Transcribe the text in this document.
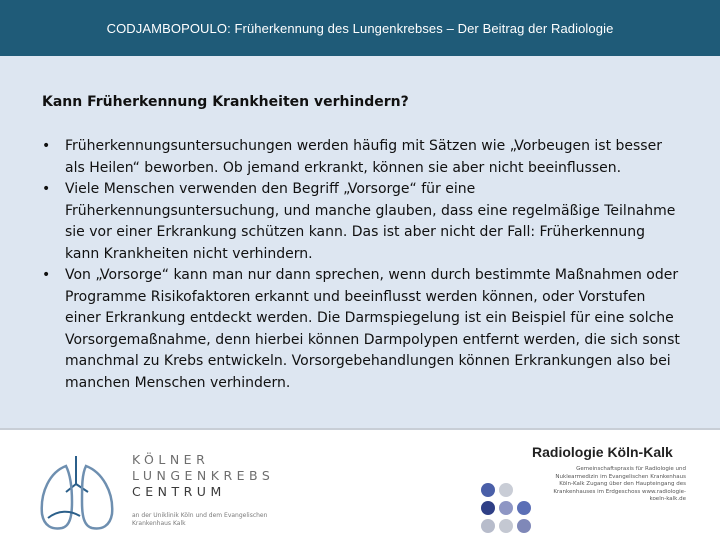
CODJAMBOPOULO: Früherkennung des Lungenkrebses – Der Beitrag der Radiologie
Kann Früherkennung Krankheiten verhindern?
•	Früherkennungsuntersuchungen werden häufig mit Sätzen wie „Vorbeugen ist besser als Heilen“ beworben. Ob jemand erkrankt, können sie aber nicht beeinflussen.
•	Viele Menschen verwenden den Begriff „Vorsorge“ für eine Früherkennungsuntersuchung, und manche glauben, dass eine regelmäßige Teilnahme sie vor einer Erkrankung schützen kann. Das ist aber nicht der Fall: Früherkennung kann Krankheiten nicht verhindern.
•	Von „Vorsorge“ kann man nur dann sprechen, wenn durch bestimmte Maßnahmen oder Programme Risikofaktoren erkannt und beeinflusst werden können, oder Vorstufen einer Erkrankung entdeckt werden. Die Darmspiegelung ist ein Beispiel für eine solche Vorsorgemaßnahme, denn hierbei können Darmpolypen entfernt werden, die sich sonst manchmal zu Krebs entwickeln. Vorsorgebehandlungen können Erkrankungen also bei manchen Menschen verhindern.
KÖLNER
LUNGENKREBS
CENTRUM
an der Uniklinik Köln und dem Evangelischen Krankenhaus Kalk
Radiologie Köln-Kalk
Gemeinschaftspraxis für Radiologie und Nuklearmedizin im Evangelischen Krankenhaus Köln-Kalk Zugang über den Haupteingang des Krankenhauses im Erdgeschoss www.radiologie-koeln-kalk.de
